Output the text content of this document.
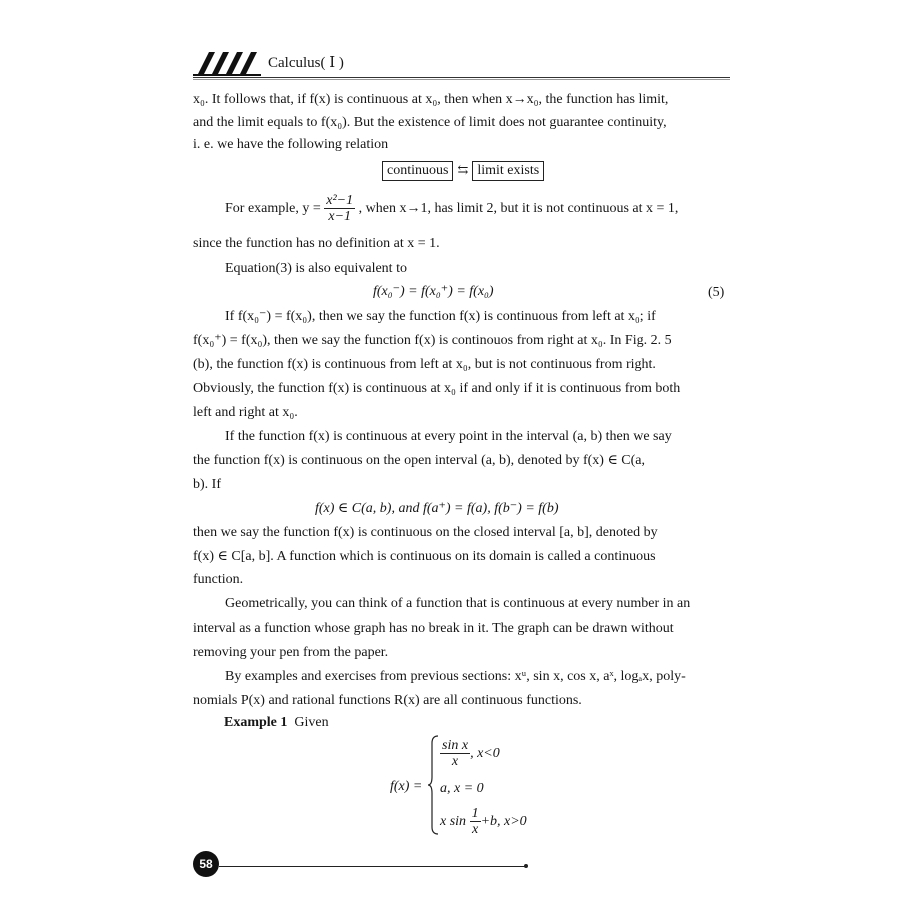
Calculus( Ⅰ )
x₀. It follows that, if f(x) is continuous at x₀, then when x→x₀, the function has limit,
and the limit equals to f(x₀). But the existence of limit does not guarantee continuity,
i. e. we have the following relation
continuous ⇆ limit exists
For example, $y = \frac{\text{x²−1}}{x-1}$ , when x→1, has limit 2, but it is not continuous at x = 1,
since the function has no definition at x = 1.
Equation(3) is also equivalent to
f(x₀⁻) = f(x₀⁺) = f(x₀)	(5)
If f(x₀⁻) = f(x₀), then we say the function f(x) is continuous from left at x₀; if
f(x₀⁺) = f(x₀), then we say the function f(x) is continouos from right at x₀. In Fig. 2. 5
(b), the function f(x) is continuous from left at x₀, but is not continuous from right.
Obviously, the function f(x) is continuous at x₀ if and only if it is continuous from both
left and right at x₀.
If the function f(x) is continuous at every point in the interval (a, b) then we say
the function f(x) is continuous on the open interval (a, b), denoted by f(x) ∈ C(a,
b). If
f(x) ∈ C(a, b), and f(a⁺) = f(a), f(b⁻) = f(b)
then we say the function f(x) is continuous on the closed interval [a, b], denoted by
f(x) ∈ C[a, b]. A function which is continuous on its domain is called a continuous
function.
Geometrically, you can think of a function that is continuous at every number in an
interval as a function whose graph has no break in it. The graph can be drawn without
removing your pen from the paper.
By examples and exercises from previous sections: xᵘ, sin x, cos x, aˣ, logₐx, poly-
nomials P(x) and rational functions R(x) are all continuous functions.
Example 1 Given
f(x) =
$\frac{\text{sin x}}{x}$ , x<0
a, x = 0
x $\sin \frac{1}{x} +b$, x>0
58
